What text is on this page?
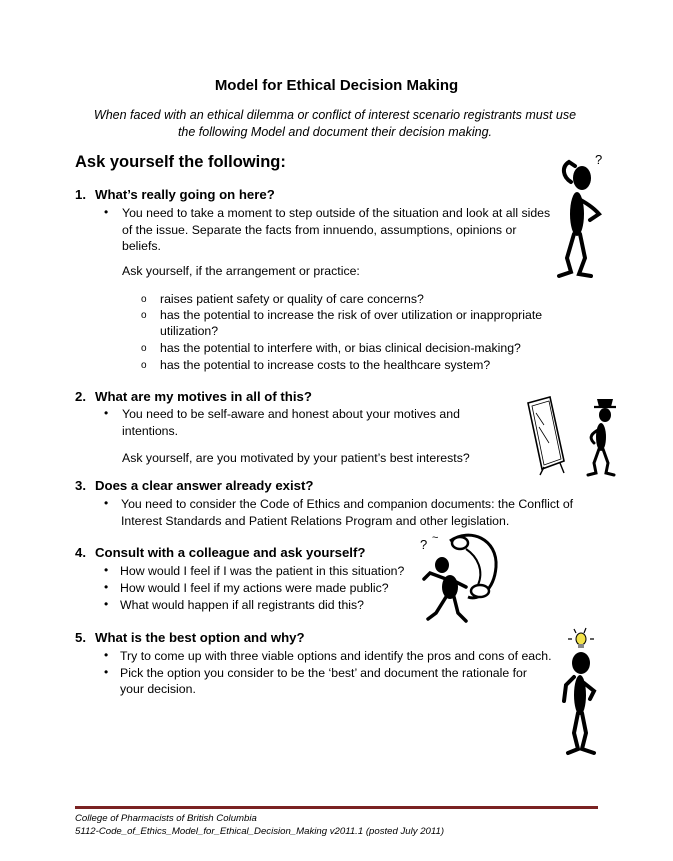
Model for Ethical Decision Making
When faced with an ethical dilemma or conflict of interest scenario registrants must use
the following Model and document their decision making.
Ask yourself the following:
1. What’s really going on here?
• You need to take a moment to step outside of the situation and look at all sides
of the issue. Separate the facts from innuendo, assumptions, opinions or
beliefs.
Ask yourself, if the arrangement or practice:
o raises patient safety or quality of care concerns?
o has the potential to increase the risk of over utilization or inappropriate
utilization?
o has the potential to interfere with, or bias clinical decision-making?
o has the potential to increase costs to the healthcare system?
2. What are my motives in all of this?
• You need to be self-aware and honest about your motives and
intentions.
Ask yourself, are you motivated by your patient’s best interests?
3. Does a clear answer already exist?
• You need to consider the Code of Ethics and companion documents: the Conflict of
Interest Standards and Patient Relations Program and other legislation.
4. Consult with a colleague and ask yourself?
• How would I feel if I was the patient in this situation?
• How would I feel if my actions were made public?
• What would happen if all registrants did this?
5. What is the best option and why?
• Try to come up with three viable options and identify the pros and cons of each.
• Pick the option you consider to be the ‘best’ and document the rationale for
your decision.
College of Pharmacists of British Columbia
5112-Code_of_Ethics_Model_for_Ethical_Decision_Making v2011.1 (posted July 2011)
?
? ~
